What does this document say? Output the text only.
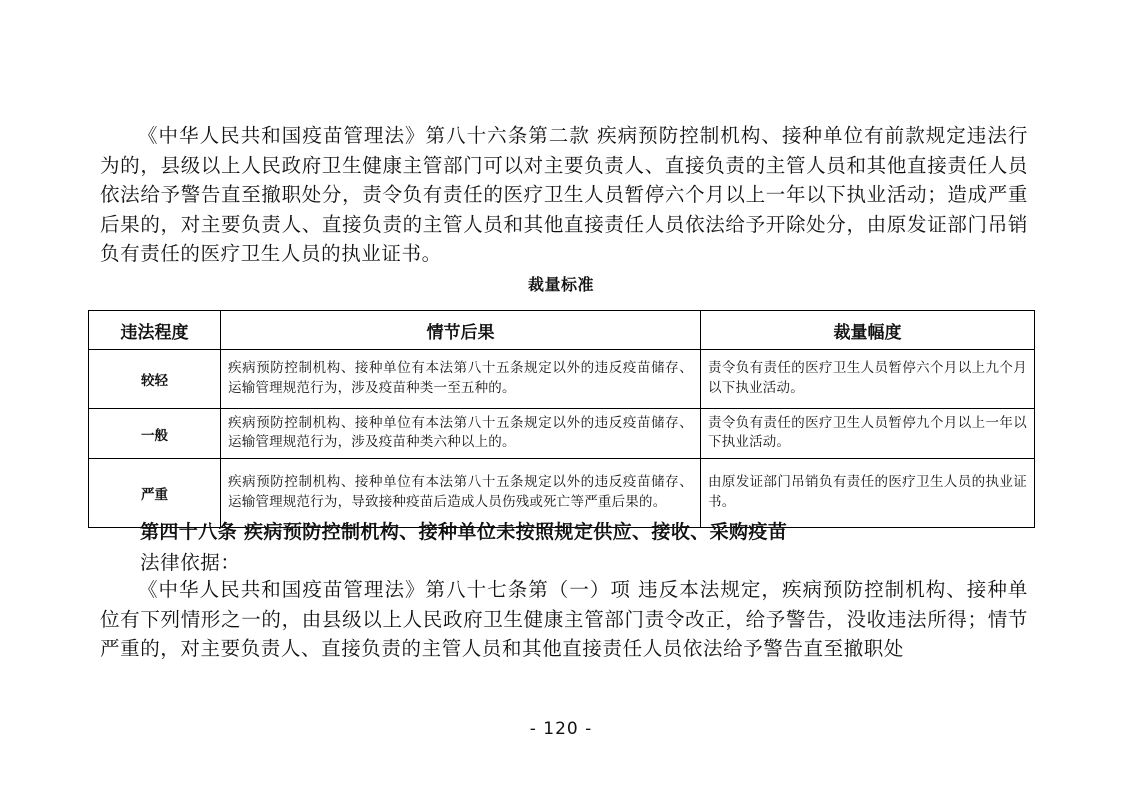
《中华人民共和国疫苗管理法》第八十六条第二款 疾病预防控制机构、接种单位有前款规定违法行为的，县级以上人民政府卫生健康主管部门可以对主要负责人、直接负责的主管人员和其他直接责任人员依法给予警告直至撤职处分，责令负有责任的医疗卫生人员暂停六个月以上一年以下执业活动；造成严重后果的，对主要负责人、直接负责的主管人员和其他直接责任人员依法给予开除处分，由原发证部门吊销负有责任的医疗卫生人员的执业证书。

裁量标准

违法程度	情节后果	裁量幅度
较轻	疾病预防控制机构、接种单位有本法第八十五条规定以外的违反疫苗储存、运输管理规范行为，涉及疫苗种类一至五种的。	责令负有责任的医疗卫生人员暂停六个月以上九个月以下执业活动。
一般	疾病预防控制机构、接种单位有本法第八十五条规定以外的违反疫苗储存、运输管理规范行为，涉及疫苗种类六种以上的。	责令负有责任的医疗卫生人员暂停九个月以上一年以下执业活动。
严重	疾病预防控制机构、接种单位有本法第八十五条规定以外的违反疫苗储存、运输管理规范行为，导致接种疫苗后造成人员伤残或死亡等严重后果的。	由原发证部门吊销负有责任的医疗卫生人员的执业证书。

第四十八条 疾病预防控制机构、接种单位未按照规定供应、接收、采购疫苗

法律依据：

《中华人民共和国疫苗管理法》第八十七条第（一）项 违反本法规定，疾病预防控制机构、接种单位有下列情形之一的，由县级以上人民政府卫生健康主管部门责令改正，给予警告，没收违法所得；情节严重的，对主要负责人、直接负责的主管人员和其他直接责任人员依法给予警告直至撤职处

- 120 -
